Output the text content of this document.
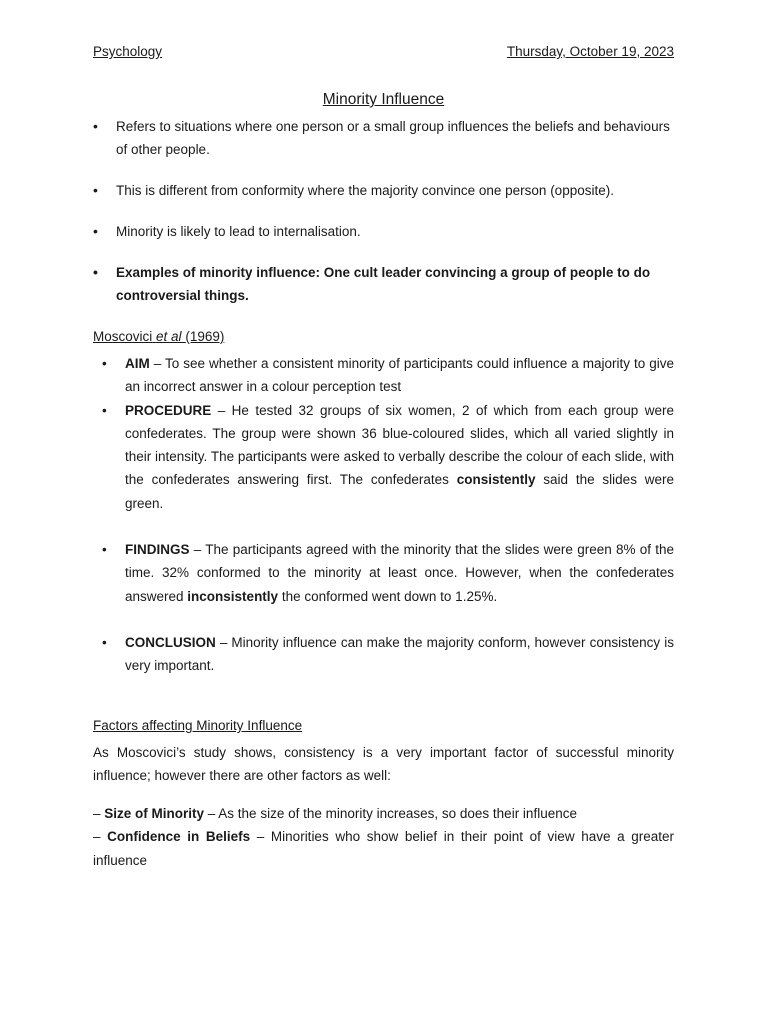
Psychology	Thursday, October 19, 2023
Minority Influence
• Refers to situations where one person or a small group influences the beliefs and behaviours of other people.
• This is different from conformity where the majority convince one person (opposite).
• Minority is likely to lead to internalisation.
• Examples of minority influence: One cult leader convincing a group of people to do controversial things.
Moscovici et al (1969)
• AIM – To see whether a consistent minority of participants could influence a majority to give an incorrect answer in a colour perception test
• PROCEDURE – He tested 32 groups of six women, 2 of which from each group were confederates. The group were shown 36 blue-coloured slides, which all varied slightly in their intensity. The participants were asked to verbally describe the colour of each slide, with the confederates answering first. The confederates consistently said the slides were green.
• FINDINGS – The participants agreed with the minority that the slides were green 8% of the time. 32% conformed to the minority at least once. However, when the confederates answered inconsistently the conformed went down to 1.25%.
• CONCLUSION – Minority influence can make the majority conform, however consistency is very important.
Factors affecting Minority Influence
As Moscovici’s study shows, consistency is a very important factor of successful minority influence; however there are other factors as well:
– Size of Minority – As the size of the minority increases, so does their influence
– Confidence in Beliefs – Minorities who show belief in their point of view have a greater influence
